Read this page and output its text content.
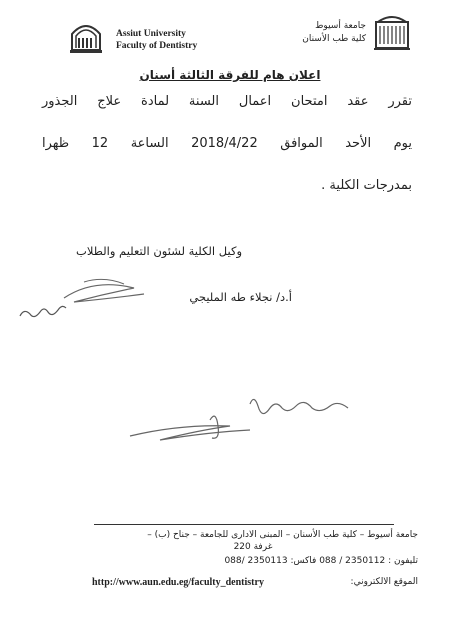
Assiut University
Faculty of Dentistry
جامعة أسيوط
كلية طب الأسنان
اعلان هام للفرقة الثالثة أسنان
تقرر عقد امتحان اعمال السنة لمادة علاج الجذور
يوم الأحد الموافق 2018/4/22 الساعة 12 ظهرا
بمدرجات الكلية .
وكيل الكلية لشئون التعليم والطلاب
أ.د/ نجلاء طه المليجي
جامعة أسيوط – كلية طب الأسنان – المبنى الادارى للجامعة – جناح (ب) –
غرفة 220
تليفون : 2350112 / 088 فاكس: 2350113 /088
الموقع الالكتروني:
http://www.aun.edu.eg/faculty_dentistry
